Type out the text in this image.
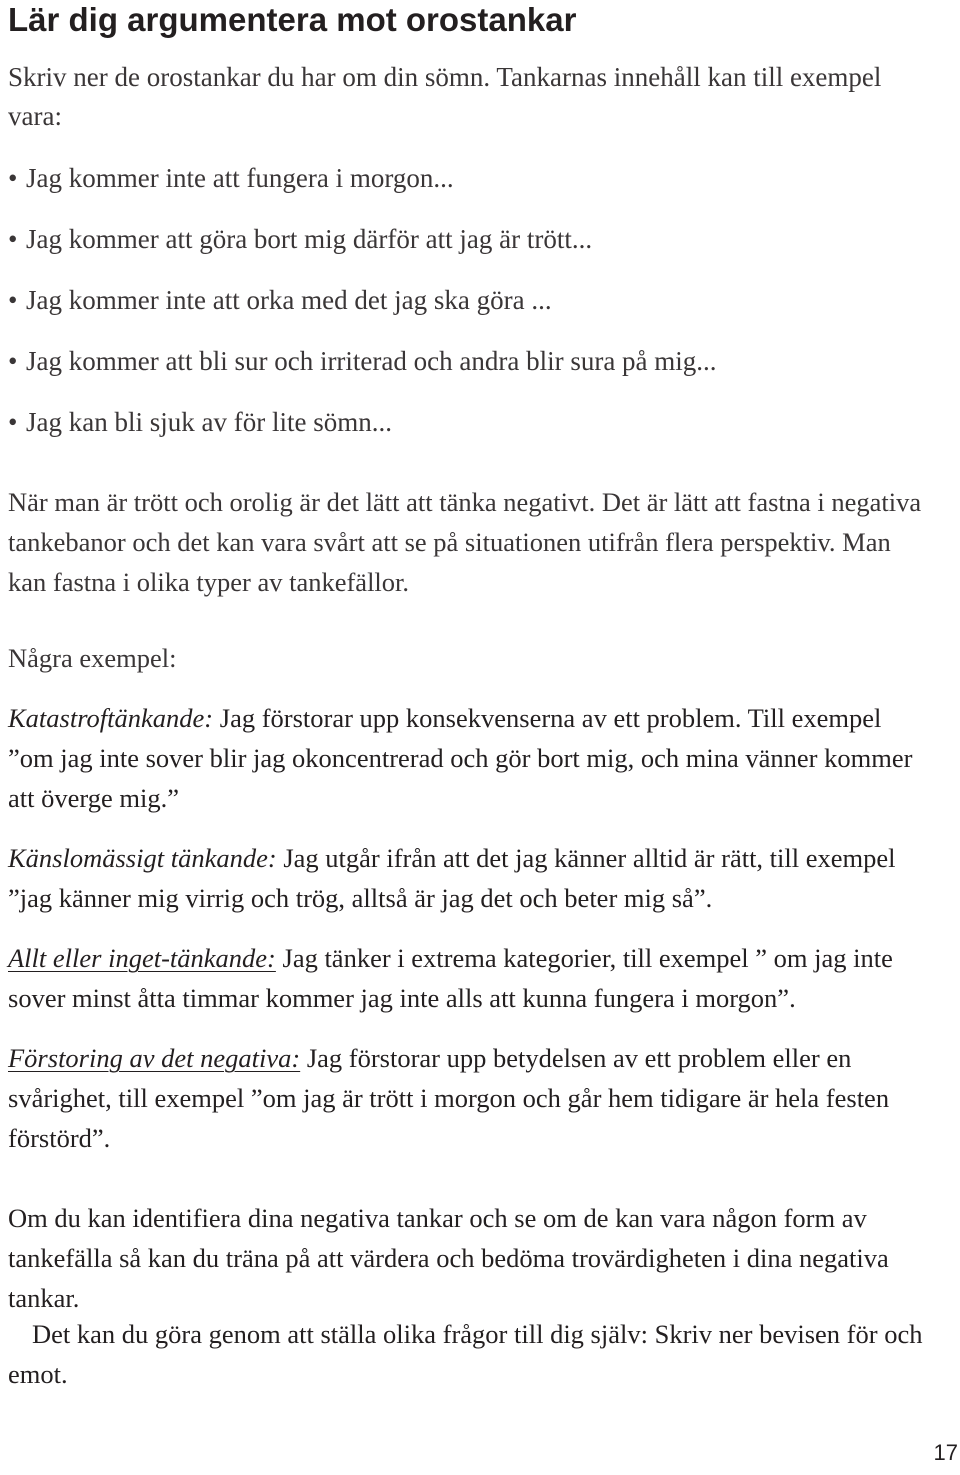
Lär dig argumentera mot orostankar

Skriv ner de orostankar du har om din sömn. Tankarnas innehåll kan till exempel vara:

• Jag kommer inte att fungera i morgon...
• Jag kommer att göra bort mig därför att jag är trött...
• Jag kommer inte att orka med det jag ska göra ...
• Jag kommer att bli sur och irriterad och andra blir sura på mig...
• Jag kan bli sjuk av för lite sömn...

När man är trött och orolig är det lätt att tänka negativt. Det är lätt att fastna i negativa tankebanor och det kan vara svårt att se på situationen utifrån flera perspektiv. Man kan fastna i olika typer av tankefällor.

Några exempel:

Katastroftänkande: Jag förstorar upp konsekvenserna av ett problem. Till exempel ”om jag inte sover blir jag okoncentrerad och gör bort mig, och mina vänner kommer att överge mig.”

Känslomässigt tänkande: Jag utgår ifrån att det jag känner alltid är rätt, till exempel ”jag känner mig virrig och trög, alltså är jag det och beter mig så”.

Allt eller inget-tänkande: Jag tänker i extrema kategorier, till exempel ” om jag inte sover minst åtta timmar kommer jag inte alls att kunna fungera i morgon”.

Förstoring av det negativa: Jag förstorar upp betydelsen av ett problem eller en svårighet, till exempel ”om jag är trött i morgon och går hem tidigare är hela festen förstörd”.

Om du kan identifiera dina negativa tankar och se om de kan vara någon form av tankefälla så kan du träna på att värdera och bedöma trovärdigheten i dina negativa tankar.

Det kan du göra genom att ställa olika frågor till dig själv: Skriv ner bevisen för och emot.

17
